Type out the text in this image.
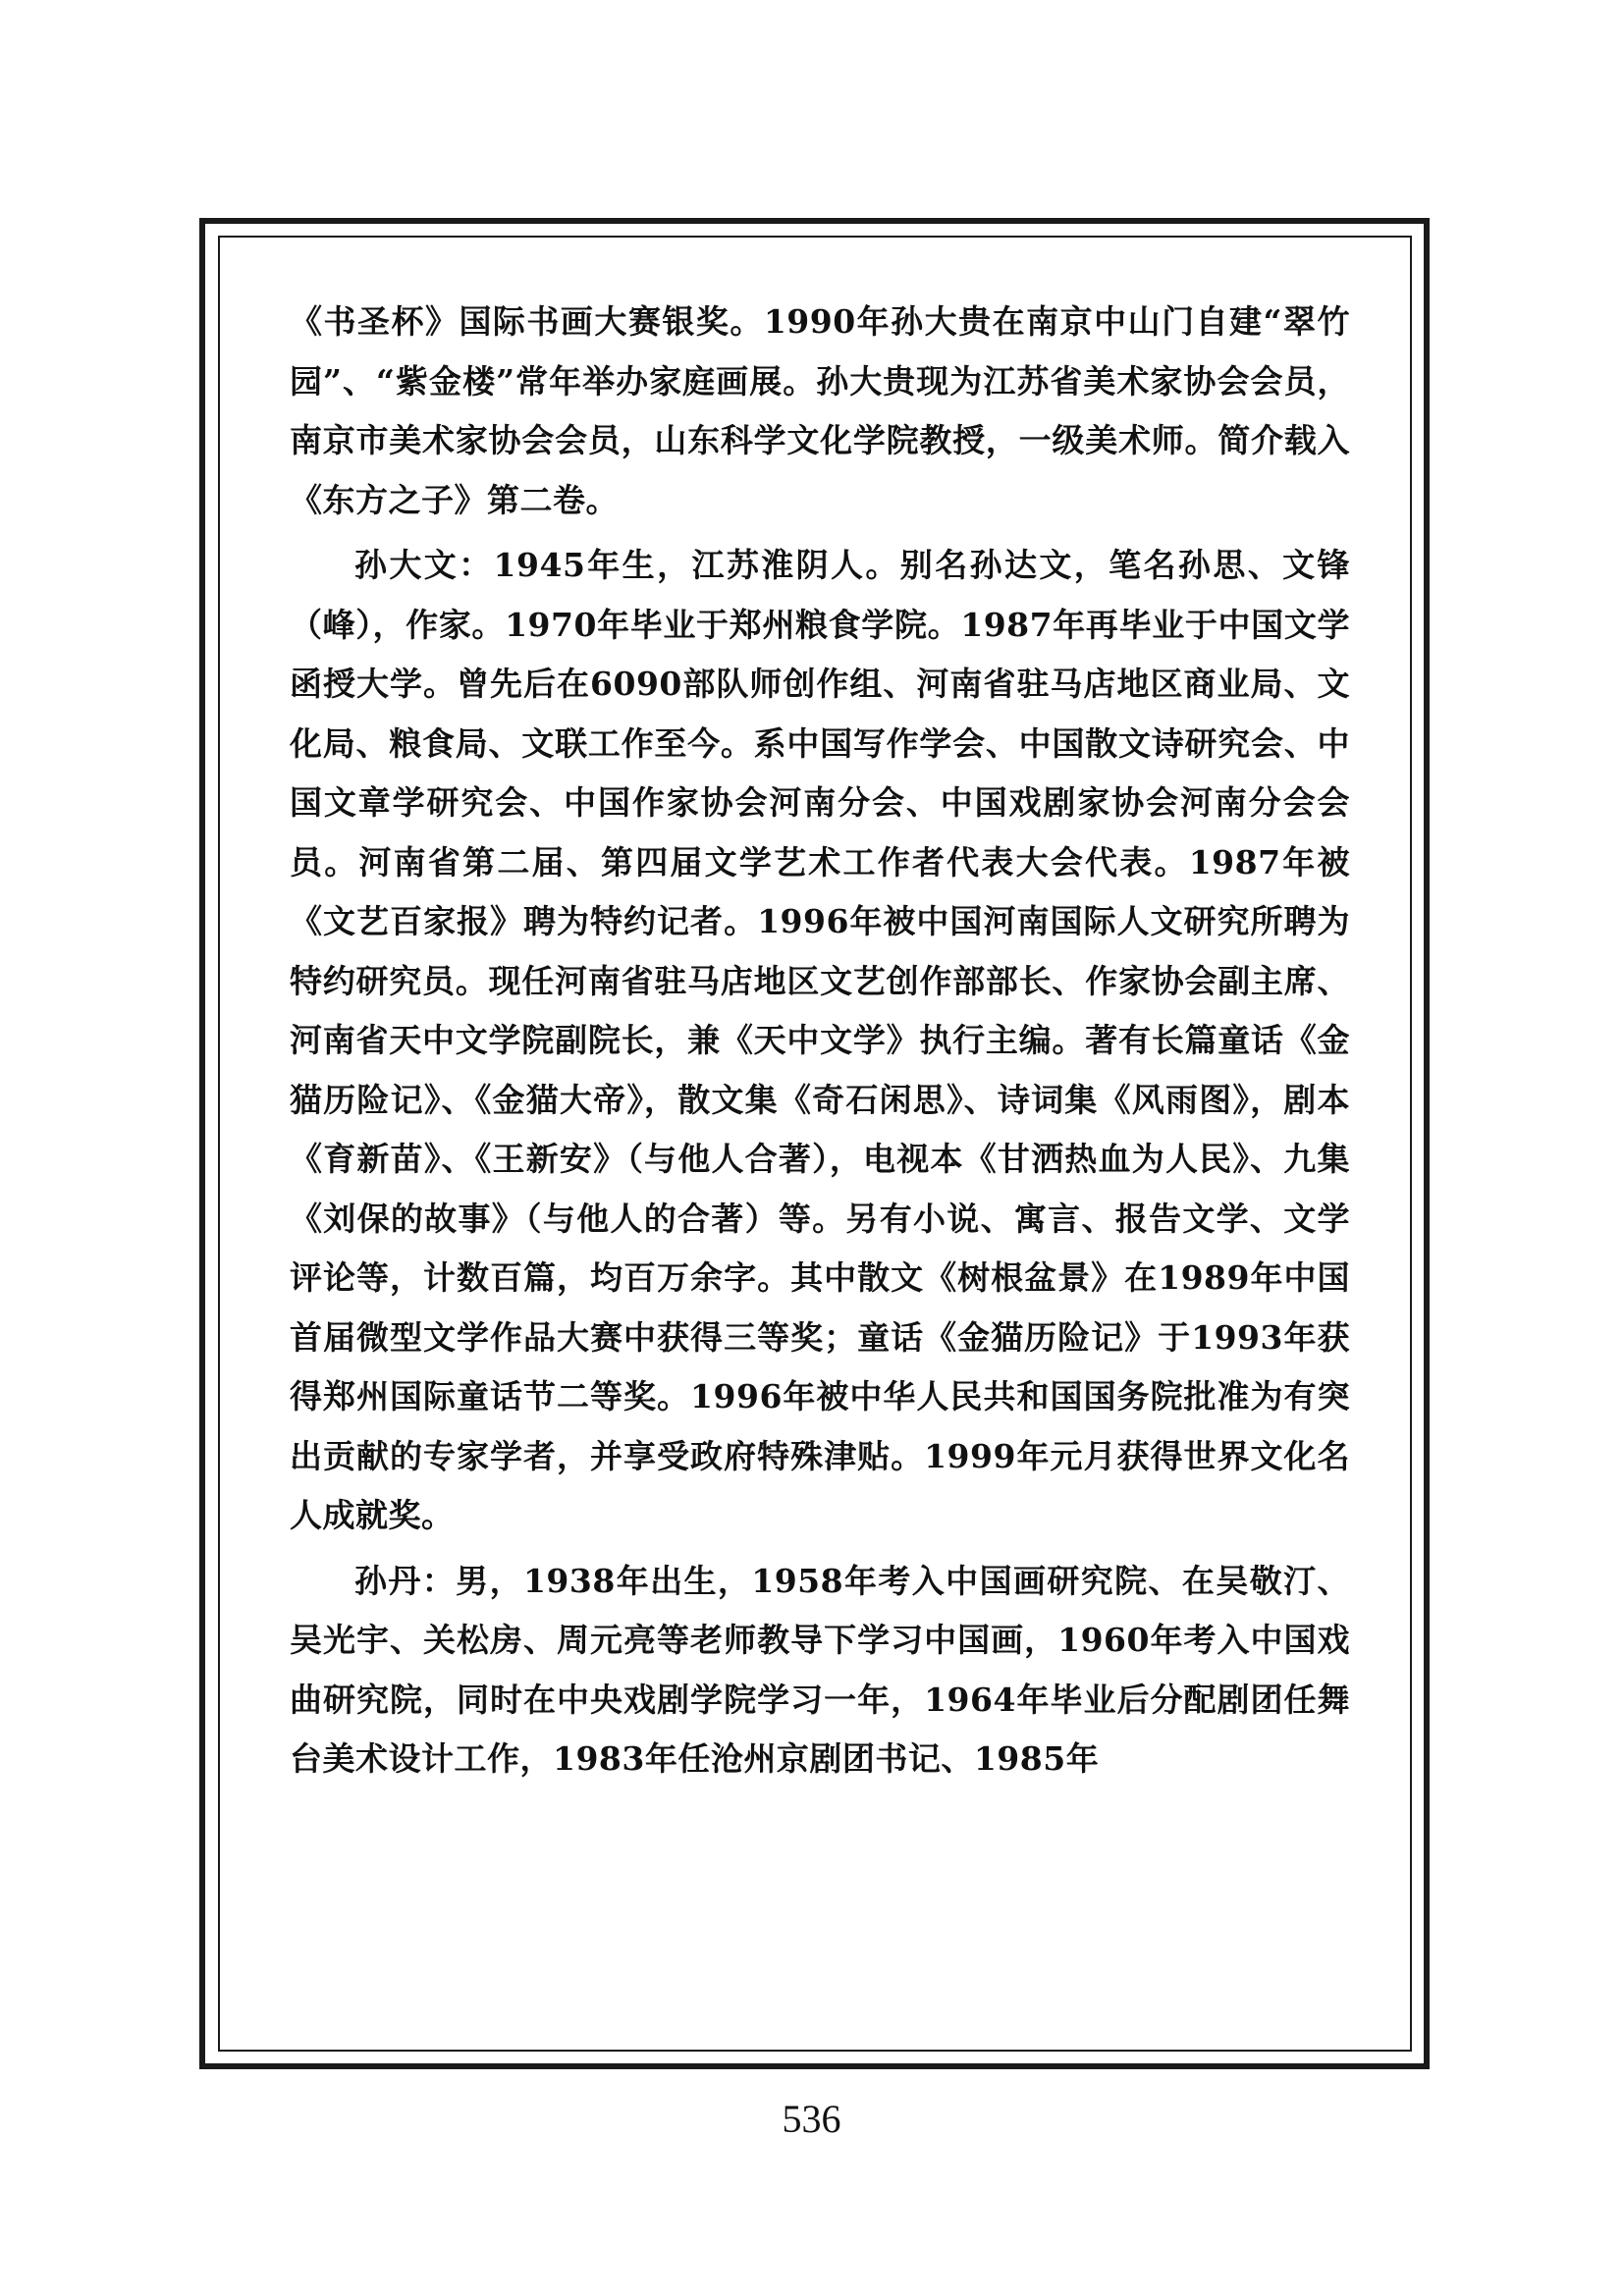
《书圣杯》国际书画大赛银奖。1990年孙大贵在南京中山门自建“翠竹园”、“紫金楼”常年举办家庭画展。孙大贵现为江苏省美术家协会会员，南京市美术家协会会员，山东科学文化学院教授，一级美术师。简介载入《东方之子》第二卷。

孙大文：1945年生，江苏淮阴人。别名孙达文，笔名孙思、文锋（峰），作家。1970年毕业于郑州粮食学院。1987年再毕业于中国文学函授大学。曾先后在6090部队师创作组、河南省驻马店地区商业局、文化局、粮食局、文联工作至今。系中国写作学会、中国散文诗研究会、中国文章学研究会、中国作家协会河南分会、中国戏剧家协会河南分会会员。河南省第二届、第四届文学艺术工作者代表大会代表。1987年被《文艺百家报》聘为特约记者。1996年被中国河南国际人文研究所聘为特约研究员。现任河南省驻马店地区文艺创作部部长、作家协会副主席、河南省天中文学院副院长，兼《天中文学》执行主编。著有长篇童话《金猫历险记》、《金猫大帝》，散文集《奇石闲思》、诗词集《风雨图》，剧本《育新苗》、《王新安》（与他人合著），电视本《甘洒热血为人民》、九集《刘保的故事》（与他人的合著）等。另有小说、寓言、报告文学、文学评论等，计数百篇，均百万余字。其中散文《树根盆景》在1989年中国首届微型文学作品大赛中获得三等奖；童话《金猫历险记》于1993年获得郑州国际童话节二等奖。1996年被中华人民共和国国务院批准为有突出贡献的专家学者，并享受政府特殊津贴。1999年元月获得世界文化名人成就奖。

孙丹：男，1938年出生，1958年考入中国画研究院、在吴敬汀、吴光宇、关松房、周元亮等老师教导下学习中国画，1960年考入中国戏曲研究院，同时在中央戏剧学院学习一年，1964年毕业后分配剧团任舞台美术设计工作，1983年任沧州京剧团书记、1985年

536
